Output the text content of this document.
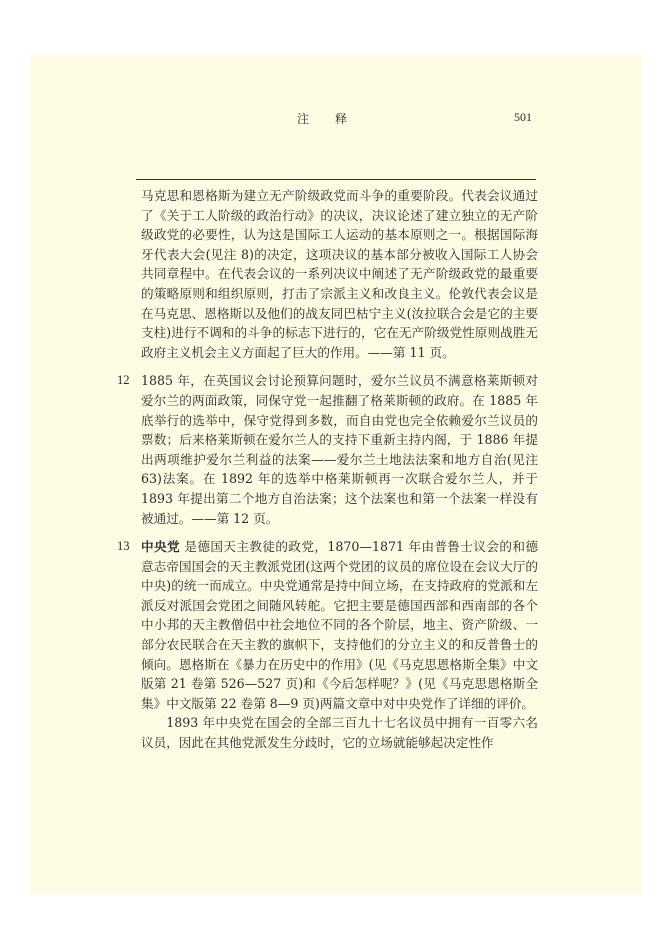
注释	501

马克思和恩格斯为建立无产阶级政党而斗争的重要阶段。代表会议通过了《关于工人阶级的政治行动》的决议，决议论述了建立独立的无产阶级政党的必要性，认为这是国际工人运动的基本原则之一。根据国际海牙代表大会(见注 8)的决定，这项决议的基本部分被收入国际工人协会共同章程中。在代表会议的一系列决议中阐述了无产阶级政党的最重要的策略原则和组织原则，打击了宗派主义和改良主义。伦敦代表会议是在马克思、恩格斯以及他们的战友同巴枯宁主义(汝拉联合会是它的主要支柱)进行不调和的斗争的标志下进行的，它在无产阶级党性原则战胜无政府主义机会主义方面起了巨大的作用。——第 11 页。

12 1885 年，在英国议会讨论预算问题时，爱尔兰议员不满意格莱斯顿对爱尔兰的两面政策，同保守党一起推翻了格莱斯顿的政府。在 1885 年底举行的选举中，保守党得到多数，而自由党也完全依赖爱尔兰议员的票数；后来格莱斯顿在爱尔兰人的支持下重新主持内阁，于 1886 年提出两项维护爱尔兰利益的法案——爱尔兰土地法法案和地方自治(见注 63)法案。在 1892 年的选举中格莱斯顿再一次联合爱尔兰人，并于 1893 年提出第二个地方自治法案；这个法案也和第一个法案一样没有被通过。——第 12 页。

13 中央党 是德国天主教徒的政党，1870—1871 年由普鲁士议会的和德意志帝国国会的天主教派党团(这两个党团的议员的席位设在会议大厅的中央)的统一而成立。中央党通常是持中间立场，在支持政府的党派和左派反对派国会党团之间随风转舵。它把主要是德国西部和西南部的各个中小邦的天主教僧侣中社会地位不同的各个阶层，地主、资产阶级、一部分农民联合在天主教的旗帜下，支持他们的分立主义的和反普鲁士的倾向。恩格斯在《暴力在历史中的作用》(见《马克思恩格斯全集》中文版第 21 卷第 526—527 页)和《今后怎样呢？》(见《马克思恩格斯全集》中文版第 22 卷第 8—9 页)两篇文章中对中央党作了详细的评价。

1893 年中央党在国会的全部三百九十七名议员中拥有一百零六名议员，因此在其他党派发生分歧时，它的立场就能够起决定性作
